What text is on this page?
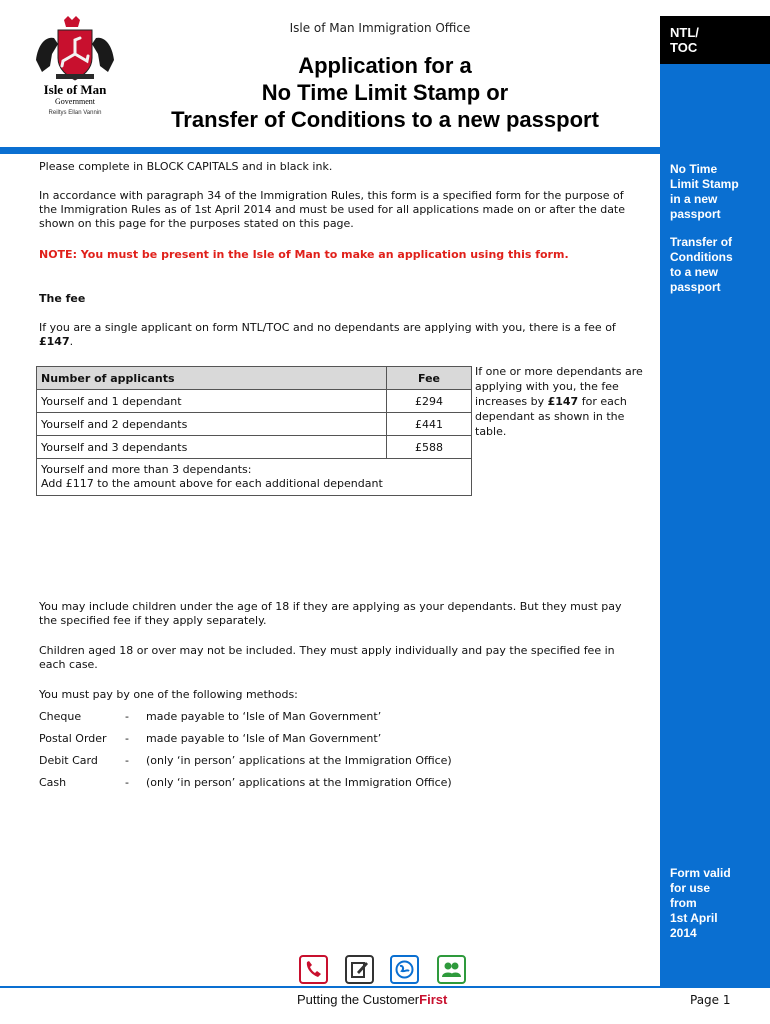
Isle of Man
Government
Reiltys Ellan Vannin
Isle of Man Immigration Office
Application for a
No Time Limit Stamp or
Transfer of Conditions to a new passport
NTL/
TOC
No Time
Limit Stamp
in a new
passport
Transfer of
Conditions
to a new
passport
Form valid
for use
from
1st April
2014
Please complete in BLOCK CAPITALS and in black ink.
In accordance with paragraph 34 of the Immigration Rules, this form is a specified form for the purpose of the Immigration Rules as of 1st April 2014 and must be used for all applications made on or after the date shown on this page for the purposes stated on this page.
NOTE: You must be present in the Isle of Man to make an application using this form.
The fee
If you are a single applicant on form NTL/TOC and no dependants are applying with you, there is a fee of £147.
Number of applicants	Fee
Yourself and 1 dependant	£294
Yourself and 2 dependants	£441
Yourself and 3 dependants	£588

Yourself and more than 3 dependants:
Add £117 to the amount above for each additional dependant	
If one or more dependants are applying with you, the fee increases by £147 for each dependant as shown in the table.
You may include children under the age of 18 if they are applying as your dependants. But they must pay the specified fee if they apply separately.
Children aged 18 or over may not be included. They must apply individually and pay the specified fee in each case.
You must pay by one of the following methods:
Cheque	-	made payable to ‘Isle of Man Government’
Postal Order	-	made payable to ‘Isle of Man Government’
Debit Card	-	(only ‘in person’ applications at the Immigration Office)
Cash	-	(only ‘in person’ applications at the Immigration Office)
Putting the CustomerFirst	Page 1
